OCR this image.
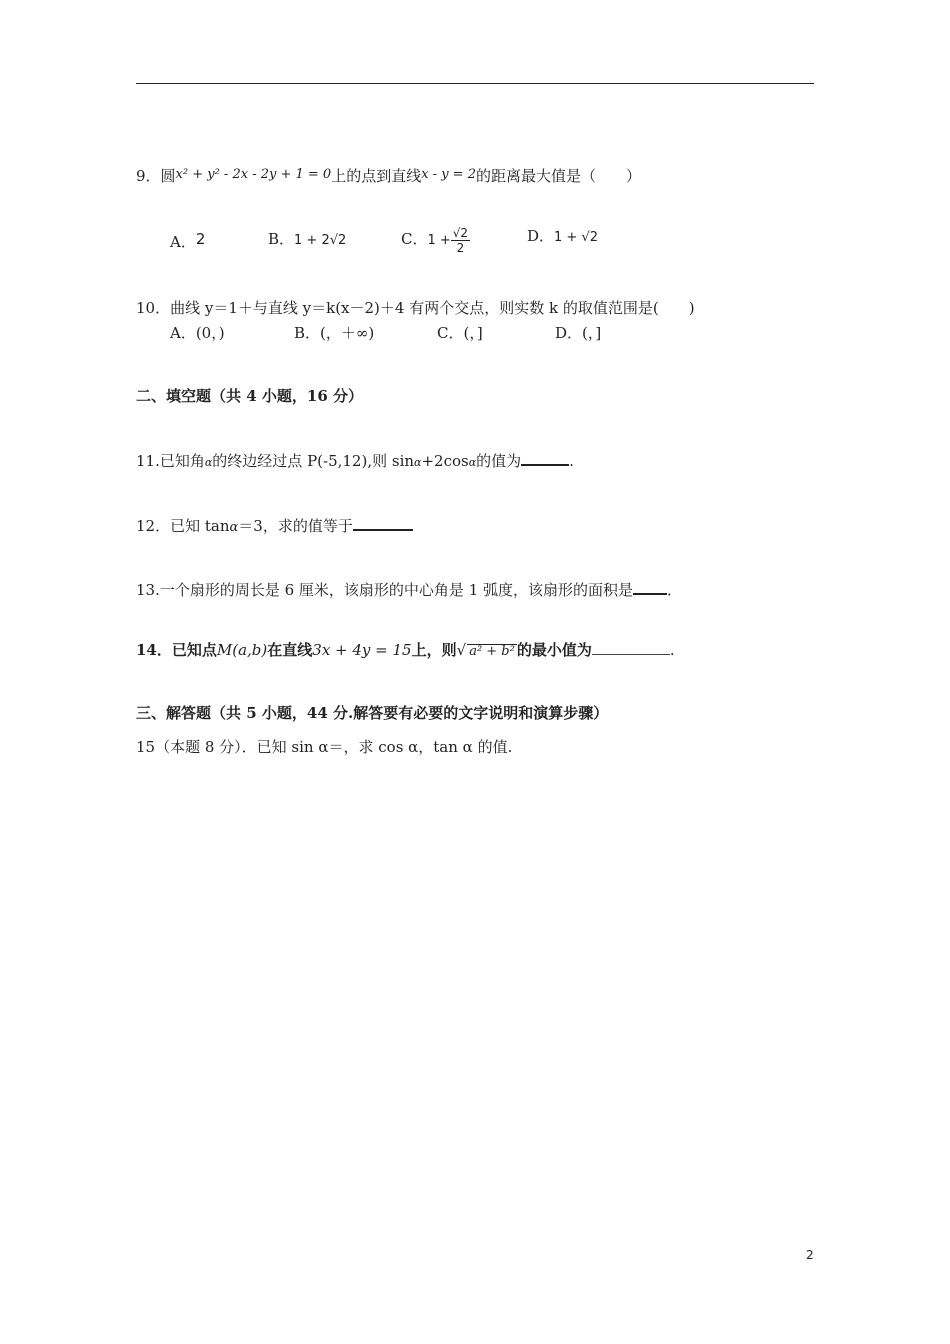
9．圆x² + y² - 2x - 2y + 1 = 0上的点到直线x - y = 2的距离最大值是（　　）
A．2	B．1 + 2√2	C．$1 + \frac{√2}{2}$	D．1 + √2
10．曲线 y＝1＋与直线 y＝k(x－2)＋4 有两个交点，则实数 k 的取值范围是(　　)
A．(0，)	B．(，＋∞)	C．(，]	D．(，]
二、填空题（共 4 小题，16 分）
11.已知角α的终边经过点 P(-5,12),则 sinα+2cosα的值为	.
12．已知 tanα＝3，求的值等于
13.一个扇形的周长是 6 厘米，该扇形的中心角是 1 弧度，该扇形的面积是 ．
14．已知点M(a,b)在直线3x + 4y = 15上，则√ a² + b² 的最小值为	.
三、解答题（共 5 小题，44 分.解答要有必要的文字说明和演算步骤）
15（本题 8 分）．已知 sin α＝，求 cos α，tan α 的值.
2
